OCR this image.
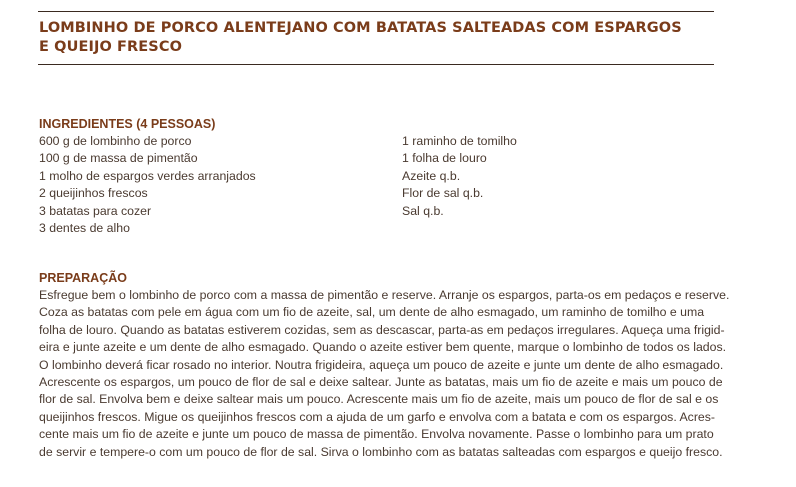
LOMBINHO DE PORCO ALENTEJANO COM BATATAS SALTEADAS COM ESPARGOS
E QUEIJO FRESCO
INGREDIENTES (4 PESSOAS)
600 g de lombinho de porco
100 g de massa de pimentão
1 molho de espargos verdes arranjados
2 queijinhos frescos
3 batatas para cozer
3 dentes de alho
1 raminho de tomilho
1 folha de louro
Azeite q.b.
Flor de sal q.b.
Sal q.b.
PREPARAÇÃO
Esfregue bem o lombinho de porco com a massa de pimentão e reserve. Arranje os espargos, parta-os em pedaços e reserve.
Coza as batatas com pele em água com um fio de azeite, sal, um dente de alho esmagado, um raminho de tomilho e uma
folha de louro. Quando as batatas estiverem cozidas, sem as descascar, parta-as em pedaços irregulares. Aqueça uma frigid-
eira e junte azeite e um dente de alho esmagado. Quando o azeite estiver bem quente, marque o lombinho de todos os lados.
O lombinho deverá ficar rosado no interior. Noutra frigideira, aqueça um pouco de azeite e junte um dente de alho esmagado.
Acrescente os espargos, um pouco de flor de sal e deixe saltear. Junte as batatas, mais um fio de azeite e mais um pouco de
flor de sal. Envolva bem e deixe saltear mais um pouco. Acrescente mais um fio de azeite, mais um pouco de flor de sal e os
queijinhos frescos. Migue os queijinhos frescos com a ajuda de um garfo e envolva com a batata e com os espargos. Acres-
cente mais um fio de azeite e junte um pouco de massa de pimentão. Envolva novamente. Passe o lombinho para um prato
de servir e tempere-o com um pouco de flor de sal. Sirva o lombinho com as batatas salteadas com espargos e queijo fresco.
